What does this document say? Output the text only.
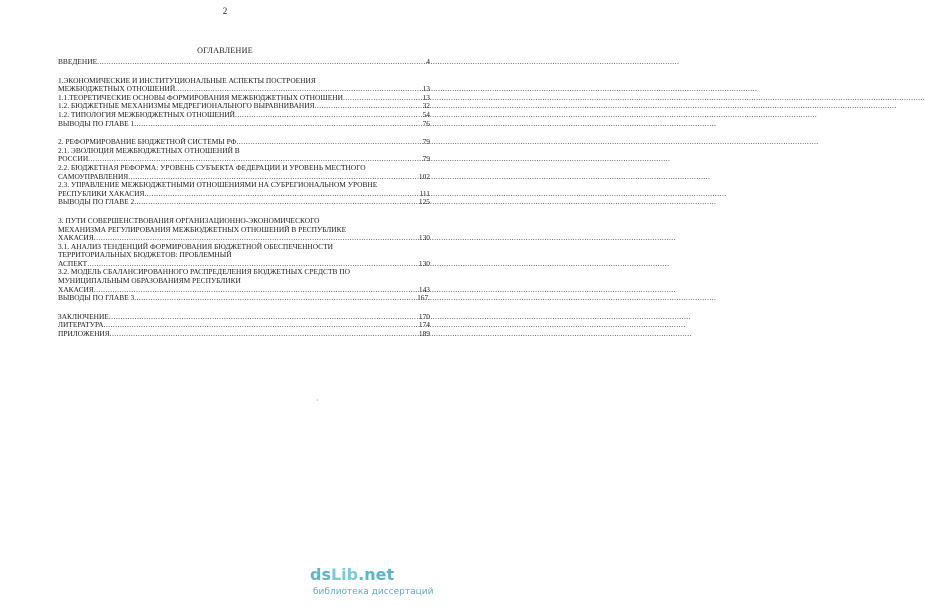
2
ОГЛАВЛЕНИЕ
ВВЕДЕНИЕ .....	4
1.ЭКОНОМИЧЕСКИЕ И ИНСТИТУЦИОНАЛЬНЫЕ АСПЕКТЫ ПОСТРОЕНИЯ
МЕЖБЮДЖЕТНЫХ ОТНОШЕНИЙ .....	13
1.1.ТЕОРЕТИЧЕСКИЕ ОСНОВЫ ФОРМИРОВАНИЯ МЕЖБЮДЖЕТНЫХ ОТНОШЕНИ .....	13
1.2. БЮДЖЕТНЫЕ МЕХАНИЗМЫ МЕДРЕГИОНАЛЬНОГО ВЫРАВНИВАНИЯ .....	32
1.2. ТИПОЛОГИЯ МЕЖБЮДЖЕТНЫХ ОТНОШЕНИЙ .....	54
ВЫВОДЫ ПО ГЛАВЕ 1 .....	76
2. РЕФОРМИРОВАНИЕ БЮДЖЕТНОЙ СИСТЕМЫ РФ .....	79
2.1. ЭВОЛЮЦИЯ МЕЖБЮДЖЕТНЫХ ОТНОШЕНИЙ В
РОССИИ .....	79
2.2. БЮДЖЕТНАЯ РЕФОРМА: УРОВЕНЬ СУБЪЕКТА ФЕДЕРАЦИИ И УРОВЕНЬ МЕСТНОГО
САМОУПРАВЛЕНИЯ .....	102
2.3. УПРАВЛЕНИЕ МЕЖБЮДЖЕТНЫМИ ОТНОШЕНИЯМИ НА СУБРЕГИОНАЛЬНОМ УРОВНЕ
РЕСПУБЛИКИ ХАКАСИЯ .....	111
ВЫВОДЫ ПО ГЛАВЕ 2 .....	125
3. ПУТИ СОВЕРШЕНСТВОВАНИЯ ОРГАНИЗАЦИОННО-ЭКОНОМИЧЕСКОГО
МЕХАНИЗМА РЕГУЛИРОВАНИЯ МЕЖБЮДЖЕТНЫХ ОТНОШЕНИЙ В РЕСПУБЛИКЕ
ХАКАСИЯ .....	130
3.1. АНАЛИЗ ТЕНДЕНЦИЙ ФОРМИРОВАНИЯ БЮДЖЕТНОЙ ОБЕСПЕЧЕННОСТИ
ТЕРРИТОРИАЛЬНЫХ БЮДЖЕТОВ: ПРОБЛЕМНЫЙ
АСПЕКТ .....	130
3.2. МОДЕЛЬ СБАЛАНСИРОВАННОГО РАСПРЕДЕЛЕНИЯ БЮДЖЕТНЫХ СРЕДСТВ ПО
МУНИЦИПАЛЬНЫМ ОБРАЗОВАНИЯМ РЕСПУБЛИКИ
ХАКАСИЯ .....	143
ВЫВОДЫ ПО ГЛАВЕ 3 .....	167.
ЗАКЛЮЧЕНИЕ .....	170
ЛИТЕРАТУРА .....	174
ПРИЛОЖЕНИЯ .....	189
·
dsLib.net
библиотека диссертаций
